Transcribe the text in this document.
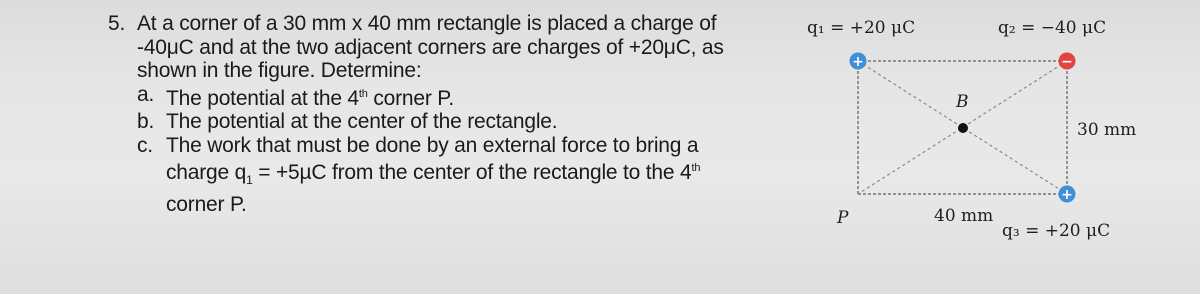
5. At a corner of a 30 mm x 40 mm rectangle is placed a charge of
-40μC and at the two adjacent corners are charges of +20μC, as
shown in the figure. Determine:
a. The potential at the 4th corner P.
b. The potential at the center of the rectangle.
c. The work that must be done by an external force to bring a
charge $q_1 = +5\mu C$ from the center of the rectangle to the 4th
corner P.
+	−
+
q₁ = +20 μC	q₂ = −40 μC
B
30 mm
P	40 mm
q₃ = +20 μC
